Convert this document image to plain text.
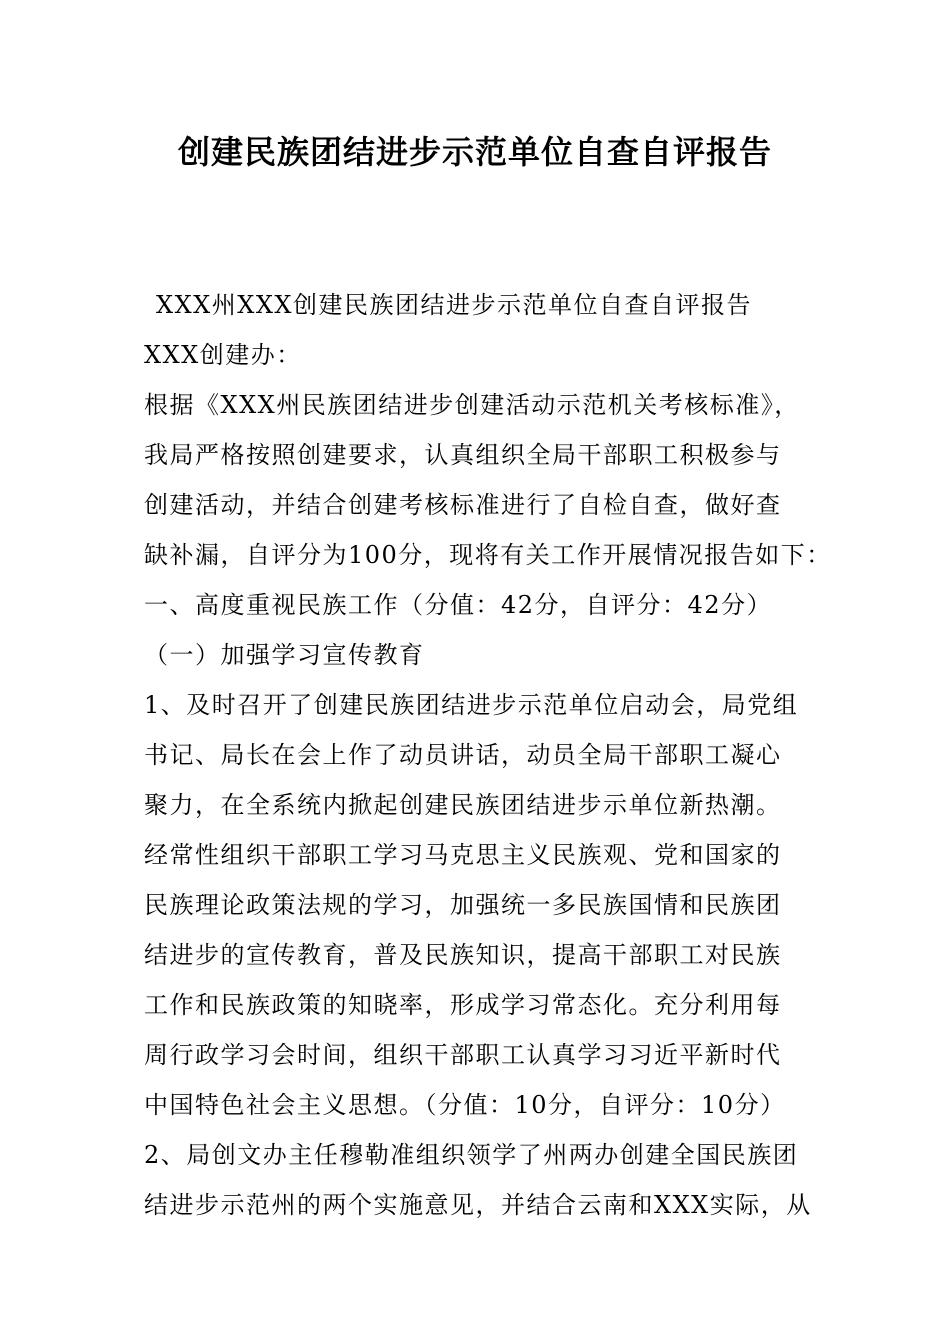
创建民族团结进步示范单位自查自评报告

XXX州XXX创建民族团结进步示范单位自查自评报告

XXX创建办：

根据《XXX州民族团结进步创建活动示范机关考核标准》，

我局严格按照创建要求，认真组织全局干部职工积极参与

创建活动，并结合创建考核标准进行了自检自查，做好查

缺补漏，自评分为100分，现将有关工作开展情况报告如下：

一、高度重视民族工作（分值：42分，自评分：42分）

（一）加强学习宣传教育

1、及时召开了创建民族团结进步示范单位启动会，局党组

书记、局长在会上作了动员讲话，动员全局干部职工凝心

聚力，在全系统内掀起创建民族团结进步示单位新热潮。

经常性组织干部职工学习马克思主义民族观、党和国家的

民族理论政策法规的学习，加强统一多民族国情和民族团

结进步的宣传教育，普及民族知识，提高干部职工对民族

工作和民族政策的知晓率，形成学习常态化。充分利用每

周行政学习会时间，组织干部职工认真学习习近平新时代

中国特色社会主义思想。（分值：10分，自评分：10分）

2、局创文办主任穆勒准组织领学了州两办创建全国民族团

结进步示范州的两个实施意见，并结合云南和XXX实际，从
